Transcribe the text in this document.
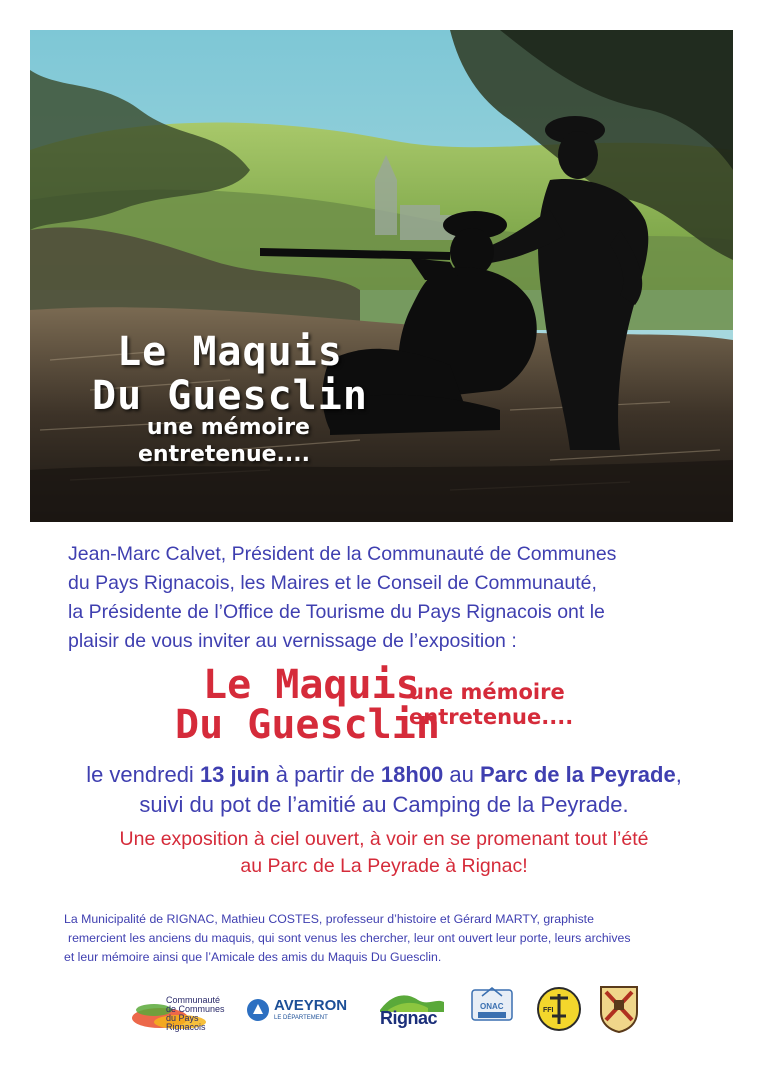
Le Maquis
Du Guesclin
une mémoire
entretenue....
Jean-Marc Calvet, Président de la Communauté de Communes
du Pays Rignacois, les Maires et le Conseil de Communauté,
la Présidente de l’Office de Tourisme du Pays Rignacois ont le
plaisir de vous inviter au vernissage de l’exposition :
Le Maquis
Du Guesclin
une mémoire
entretenue....
le vendredi 13 juin à partir de 18h00 au Parc de la Peyrade,
suivi du pot de l’amitié au Camping de la Peyrade.
Une exposition à ciel ouvert, à voir en se promenant tout l’été
au Parc de La Peyrade à Rignac!
La Municipalité de RIGNAC, Mathieu COSTES, professeur d’histoire et Gérard MARTY, graphiste
remercient les anciens du maquis, qui sont venus les chercher, leur ont ouvert leur porte, leurs archives
et leur mémoire ainsi que l’Amicale des amis du Maquis Du Guesclin.
Communauté
de Communes
du Pays Rignacois
AVEYRON
LE DÉPARTEMENT	Rignac
ONAC	FFI
